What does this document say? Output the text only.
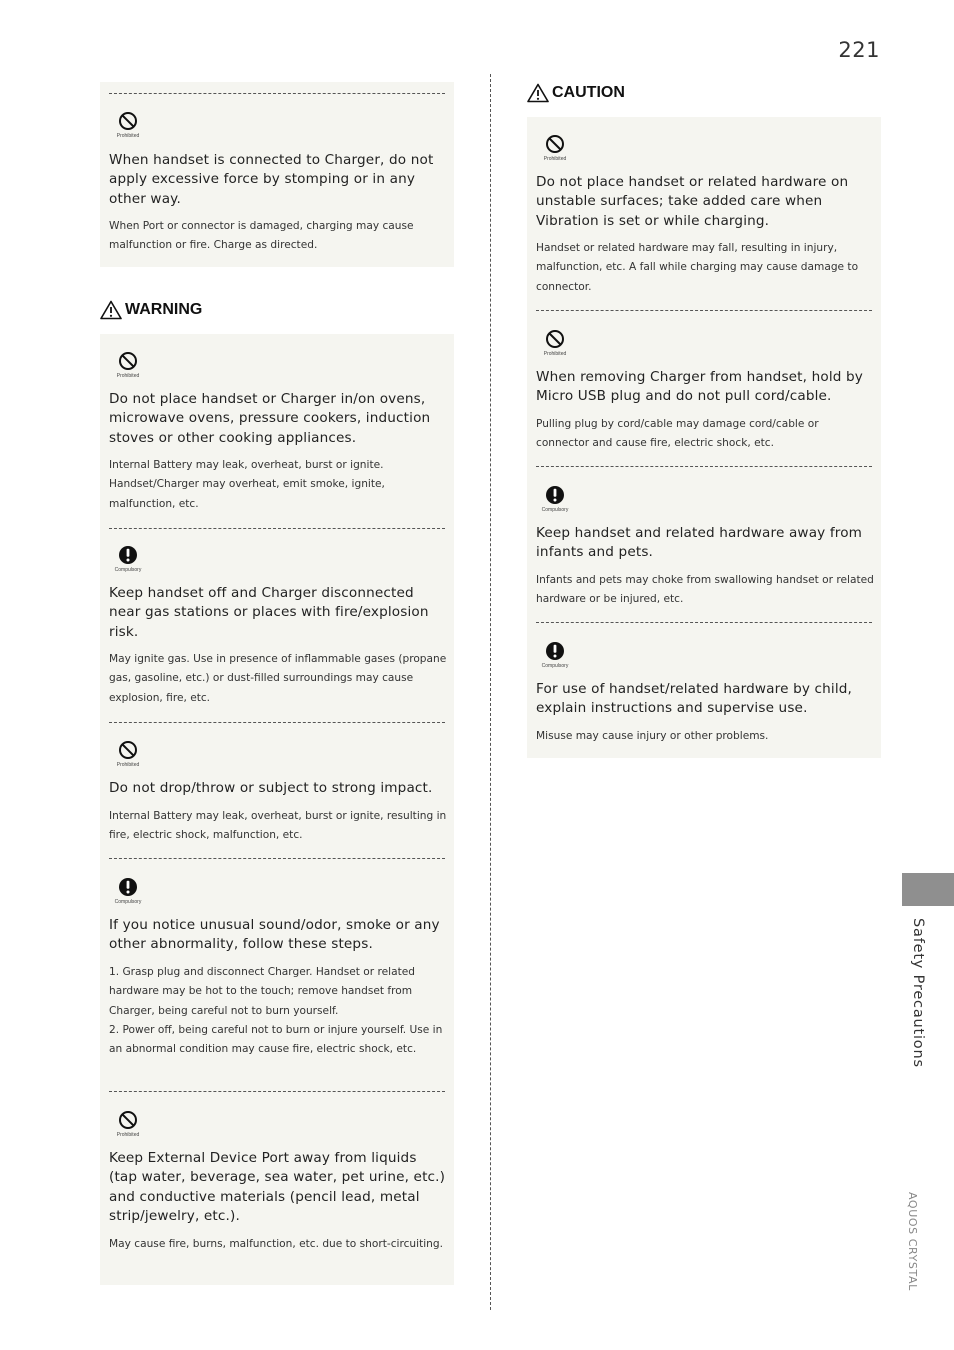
221
Prohibited
When handset is connected to Charger, do not apply excessive force by stomping or in any other way.
When Port or connector is damaged, charging may cause malfunction or fire. Charge as directed.
WARNING
Prohibited
Do not place handset or Charger in/on ovens, microwave ovens, pressure cookers, induction stoves or other cooking appliances.
Internal Battery may leak, overheat, burst or ignite. Handset/Charger may overheat, emit smoke, ignite, malfunction, etc.
Compulsory
Keep handset off and Charger disconnected near gas stations or places with fire/explosion risk.
May ignite gas. Use in presence of inflammable gases (propane gas, gasoline, etc.) or dust-filled surroundings may cause explosion, fire, etc.
Prohibited
Do not drop/throw or subject to strong impact.
Internal Battery may leak, overheat, burst or ignite, resulting in fire, electric shock, malfunction, etc.
Compulsory
If you notice unusual sound/odor, smoke or any other abnormality, follow these steps.
1. Grasp plug and disconnect Charger. Handset or related hardware may be hot to the touch; remove handset from Charger, being careful not to burn yourself.
2. Power off, being careful not to burn or injure yourself. Use in an abnormal condition may cause fire, electric shock, etc.
Prohibited
Keep External Device Port away from liquids (tap water, beverage, sea water, pet urine, etc.) and conductive materials (pencil lead, metal strip/jewelry, etc.).
May cause fire, burns, malfunction, etc. due to short-circuiting.
CAUTION
Prohibited
Do not place handset or related hardware on unstable surfaces; take added care when Vibration is set or while charging.
Handset or related hardware may fall, resulting in injury, malfunction, etc. A fall while charging may cause damage to connector.
Prohibited
When removing Charger from handset, hold by Micro USB plug and do not pull cord/cable.
Pulling plug by cord/cable may damage cord/cable or connector and cause fire, electric shock, etc.
Compulsory
Keep handset and related hardware away from infants and pets.
Infants and pets may choke from swallowing handset or related hardware or be injured, etc.
Compulsory
For use of handset/related hardware by child, explain instructions and supervise use.
Misuse may cause injury or other problems.
Safety Precautions
AQUOS CRYSTAL
